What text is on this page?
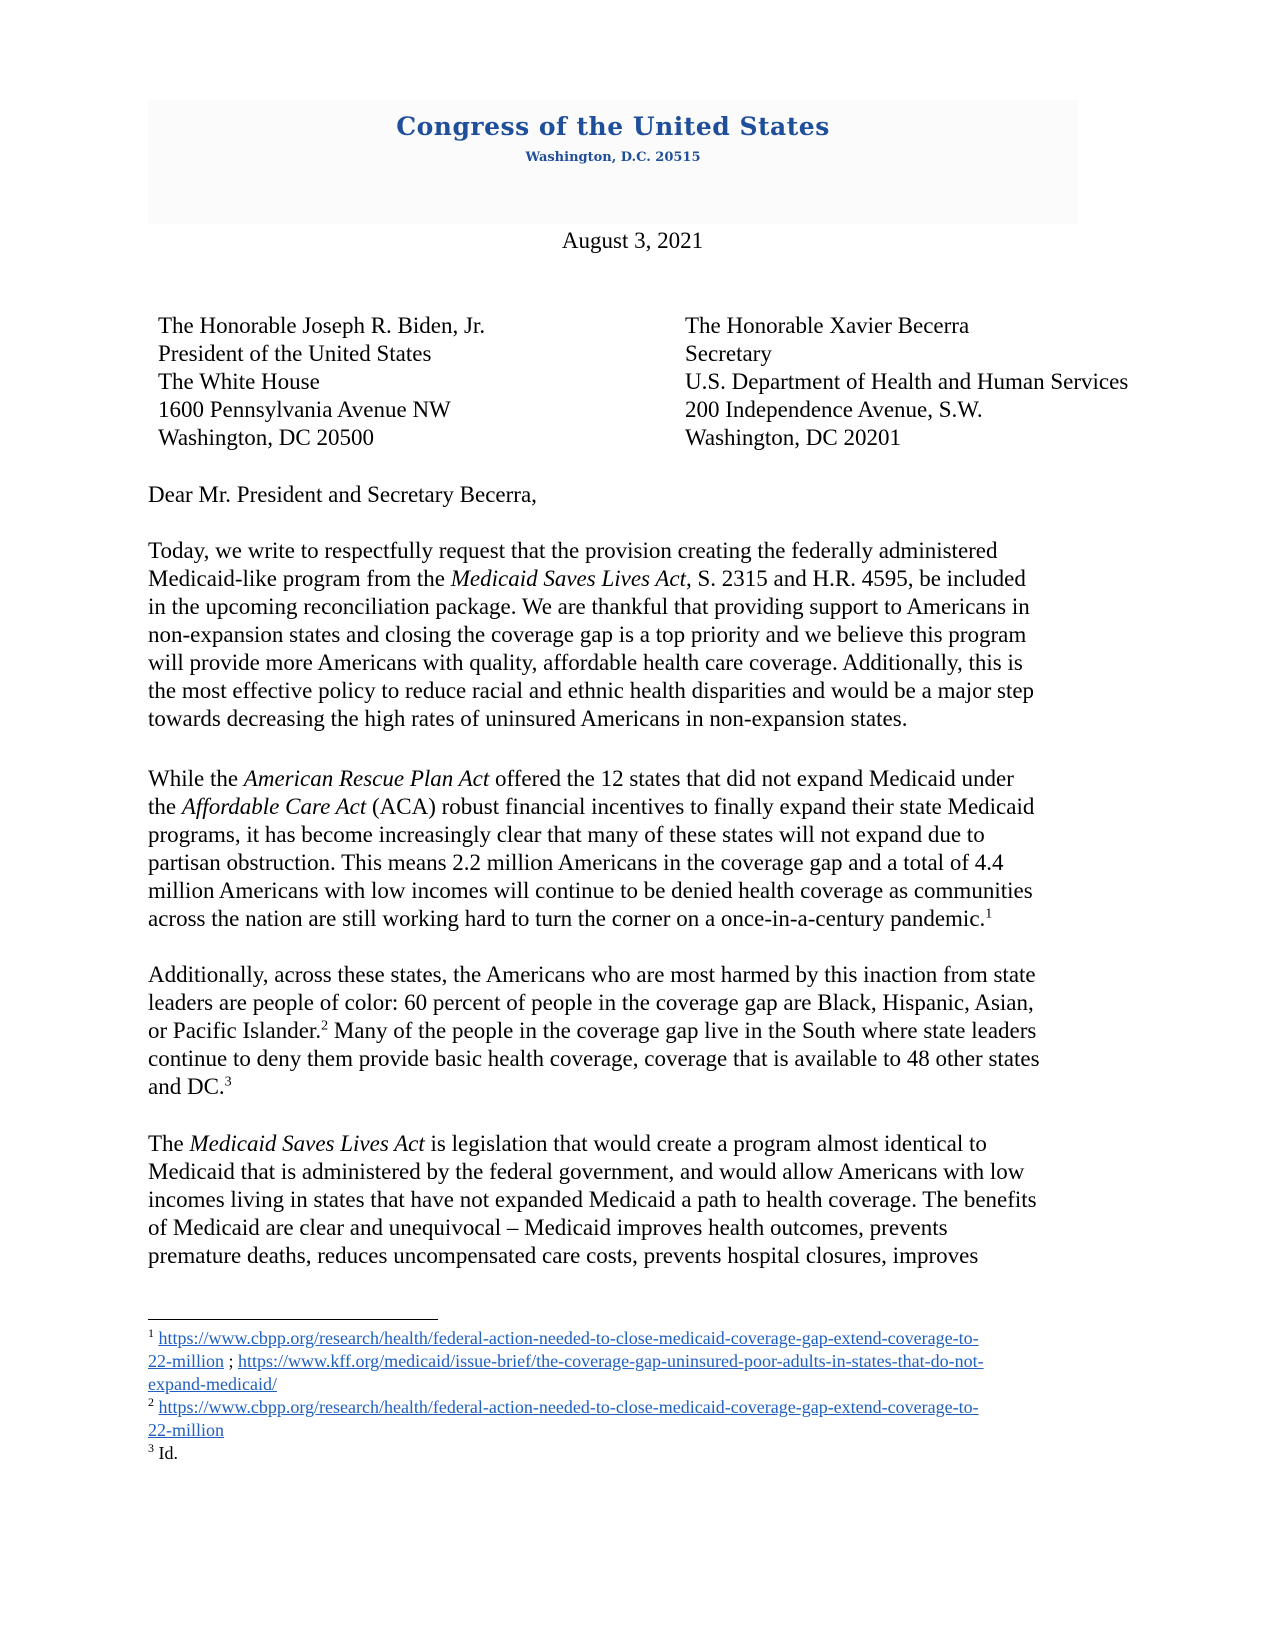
Congress of the United States
Washington, D.C. 20515
August 3, 2021
The Honorable Joseph R. Biden, Jr.
President of the United States
The White House
1600 Pennsylvania Avenue NW
Washington, DC 20500
The Honorable Xavier Becerra
Secretary
U.S. Department of Health and Human Services
200 Independence Avenue, S.W.
Washington, DC 20201
Dear Mr. President and Secretary Becerra,
Today, we write to respectfully request that the provision creating the federally administered
Medicaid-like program from the Medicaid Saves Lives Act, S. 2315 and H.R. 4595, be included
in the upcoming reconciliation package. We are thankful that providing support to Americans in
non-expansion states and closing the coverage gap is a top priority and we believe this program
will provide more Americans with quality, affordable health care coverage. Additionally, this is
the most effective policy to reduce racial and ethnic health disparities and would be a major step
towards decreasing the high rates of uninsured Americans in non-expansion states.
While the American Rescue Plan Act offered the 12 states that did not expand Medicaid under
the Affordable Care Act (ACA) robust financial incentives to finally expand their state Medicaid
programs, it has become increasingly clear that many of these states will not expand due to
partisan obstruction. This means 2.2 million Americans in the coverage gap and a total of 4.4
million Americans with low incomes will continue to be denied health coverage as communities
across the nation are still working hard to turn the corner on a once-in-a-century pandemic.$^1$
Additionally, across these states, the Americans who are most harmed by this inaction from state
leaders are people of color: 60 percent of people in the coverage gap are Black, Hispanic, Asian,
or Pacific Islander.$^2$ Many of the people in the coverage gap live in the South where state leaders
continue to deny them provide basic health coverage, coverage that is available to 48 other states
and DC.$^3$
The Medicaid Saves Lives Act is legislation that would create a program almost identical to
Medicaid that is administered by the federal government, and would allow Americans with low
incomes living in states that have not expanded Medicaid a path to health coverage. The benefits
of Medicaid are clear and unequivocal – Medicaid improves health outcomes, prevents
premature deaths, reduces uncompensated care costs, prevents hospital closures, improves
$^1$ https://www.cbpp.org/research/health/federal-action-needed-to-close-medicaid-coverage-gap-extend-coverage-to-
22-million ; https://www.kff.org/medicaid/issue-brief/the-coverage-gap-uninsured-poor-adults-in-states-that-do-not-
expand-medicaid/
$^2$ https://www.cbpp.org/research/health/federal-action-needed-to-close-medicaid-coverage-gap-extend-coverage-to-
22-million
$^3$ Id.
